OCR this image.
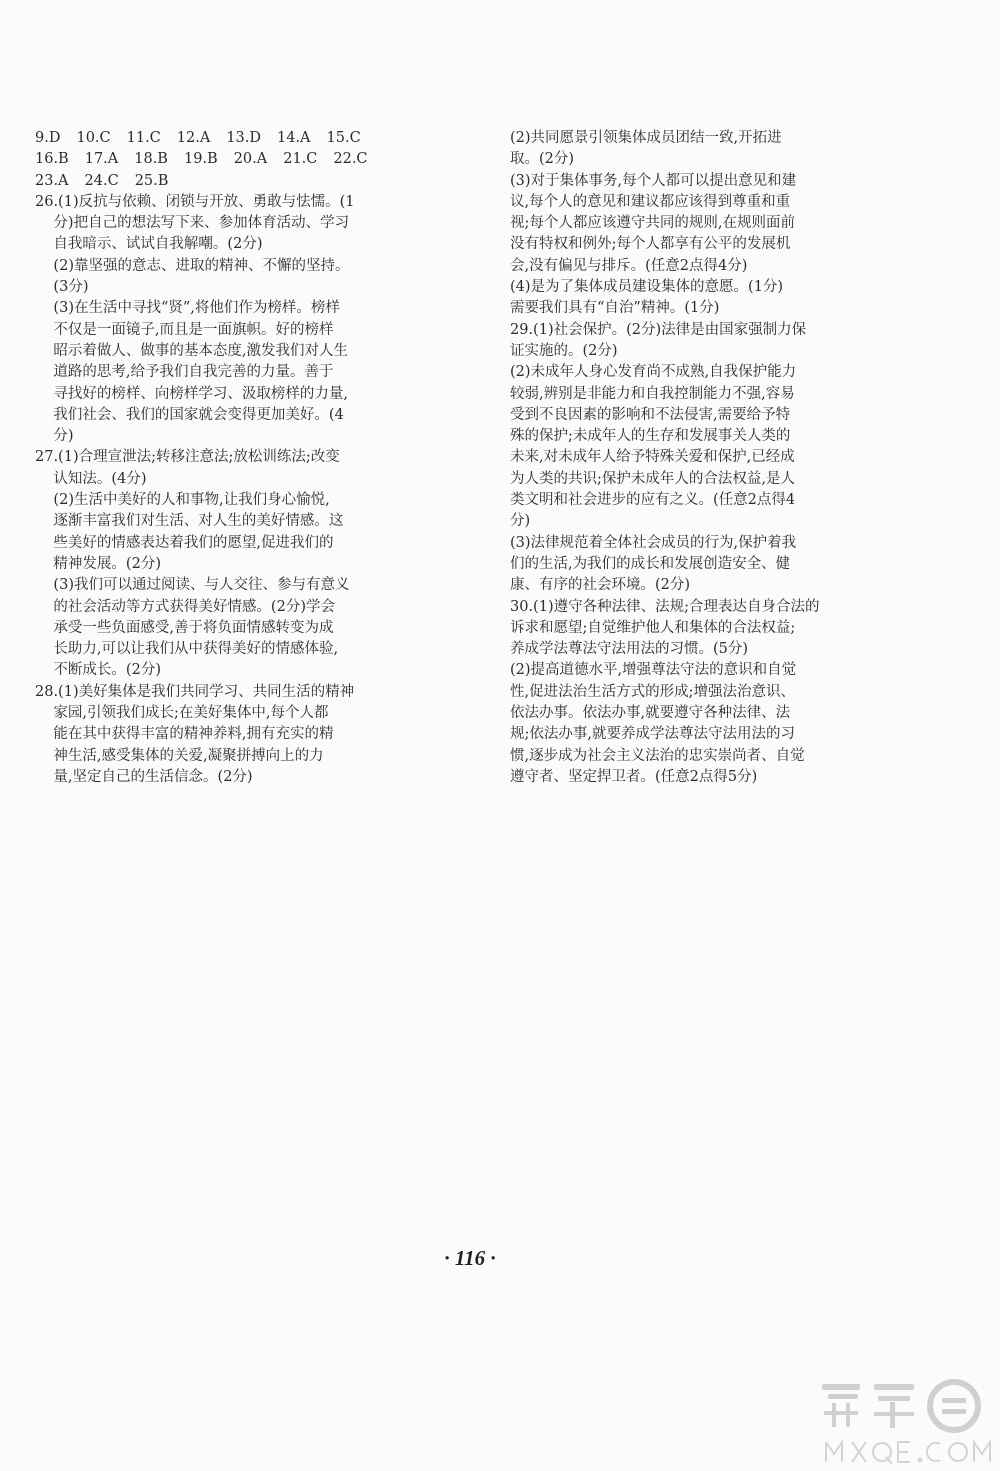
9.D 10.C 11.C 12.A 13.D 14.A 15.C
16.B 17.A 18.B 19.B 20.A 21.C 22.C
23.A 24.C 25.B
26.(1)反抗与依赖、闭锁与开放、勇敢与怯懦。(1
分)把自己的想法写下来、参加体育活动、学习
自我暗示、试试自我解嘲。(2分)
(2)靠坚强的意志、进取的精神、不懈的坚持。
(3分)
(3)在生活中寻找“贤”,将他们作为榜样。榜样
不仅是一面镜子,而且是一面旗帜。好的榜样
昭示着做人、做事的基本态度,激发我们对人生
道路的思考,给予我们自我完善的力量。善于
寻找好的榜样、向榜样学习、汲取榜样的力量,
我们社会、我们的国家就会变得更加美好。(4
分)
27.(1)合理宣泄法;转移注意法;放松训练法;改变
认知法。(4分)
(2)生活中美好的人和事物,让我们身心愉悦,
逐渐丰富我们对生活、对人生的美好情感。这
些美好的情感表达着我们的愿望,促进我们的
精神发展。(2分)
(3)我们可以通过阅读、与人交往、参与有意义
的社会活动等方式获得美好情感。(2分)学会
承受一些负面感受,善于将负面情感转变为成
长助力,可以让我们从中获得美好的情感体验,
不断成长。(2分)
28.(1)美好集体是我们共同学习、共同生活的精神
家园,引领我们成长;在美好集体中,每个人都
能在其中获得丰富的精神养料,拥有充实的精
神生活,感受集体的关爱,凝聚拼搏向上的力
量,坚定自己的生活信念。(2分)
(2)共同愿景引领集体成员团结一致,开拓进
取。(2分)
(3)对于集体事务,每个人都可以提出意见和建
议,每个人的意见和建议都应该得到尊重和重
视;每个人都应该遵守共同的规则,在规则面前
没有特权和例外;每个人都享有公平的发展机
会,没有偏见与排斥。(任意2点得4分)
(4)是为了集体成员建设集体的意愿。(1分)
需要我们具有“自治”精神。(1分)
29.(1)社会保护。(2分)法律是由国家强制力保
证实施的。(2分)
(2)未成年人身心发育尚不成熟,自我保护能力
较弱,辨别是非能力和自我控制能力不强,容易
受到不良因素的影响和不法侵害,需要给予特
殊的保护;未成年人的生存和发展事关人类的
未来,对未成年人给予特殊关爱和保护,已经成
为人类的共识;保护未成年人的合法权益,是人
类文明和社会进步的应有之义。(任意2点得4
分)
(3)法律规范着全体社会成员的行为,保护着我
们的生活,为我们的成长和发展创造安全、健
康、有序的社会环境。(2分)
30.(1)遵守各种法律、法规;合理表达自身合法的
诉求和愿望;自觉维护他人和集体的合法权益;
养成学法尊法守法用法的习惯。(5分)
(2)提高道德水平,增强尊法守法的意识和自觉
性,促进法治生活方式的形成;增强法治意识、
依法办事。依法办事,就要遵守各种法律、法
规;依法办事,就要养成学法尊法守法用法的习
惯,逐步成为社会主义法治的忠实崇尚者、自觉
遵守者、坚定捍卫者。(任意2点得5分)
· 116 ·
